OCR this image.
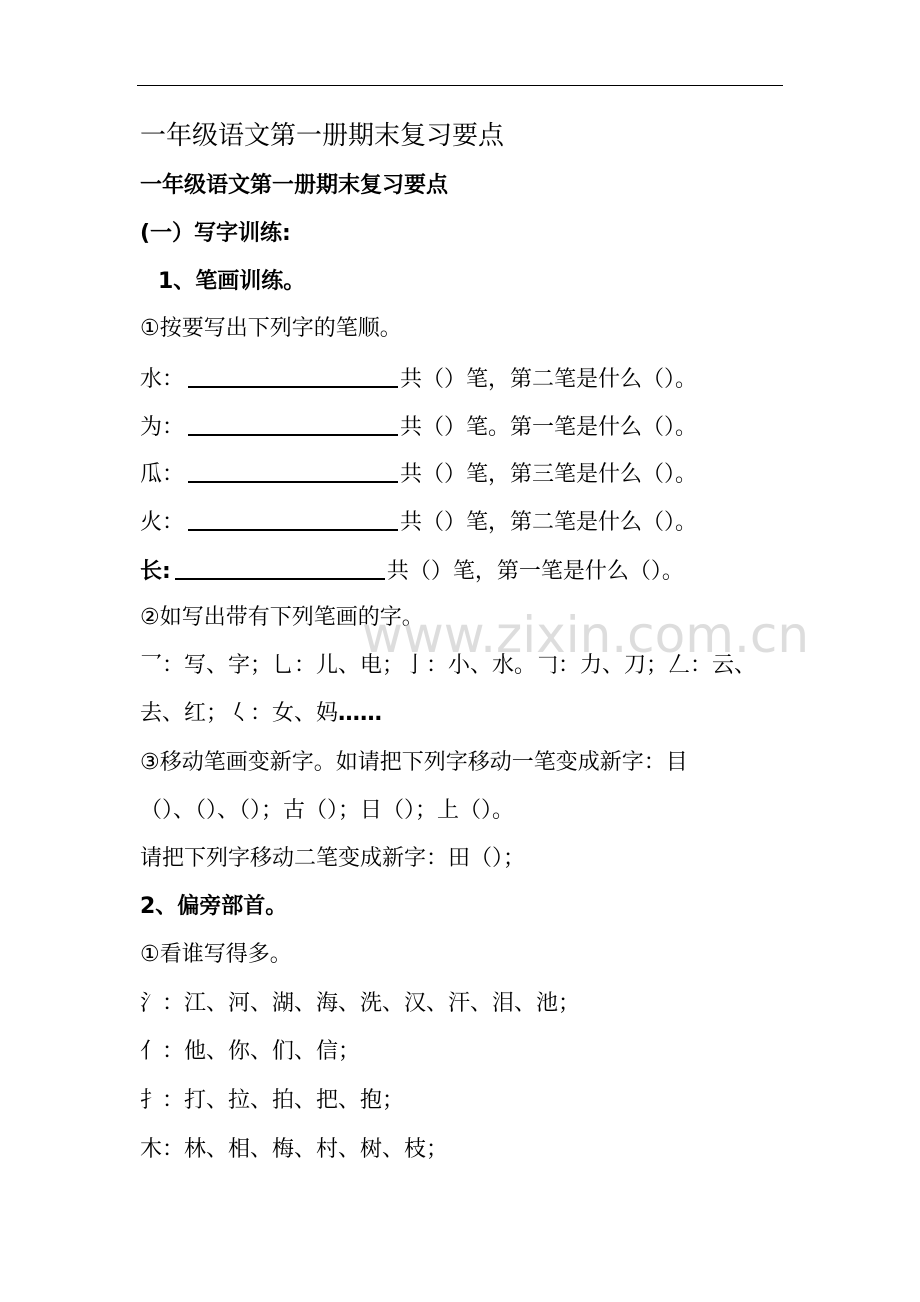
一年级语文第一册期末复习要点
一年级语文第一册期末复习要点
(一）写字训练:
1、笔画训练。
①按要写出下列字的笔顺。
水：	共（）笔，第二笔是什么（）。
为：	共（）笔。第一笔是什么（）。
瓜：	共（）笔，第三笔是什么（）。
火：	共（）笔，第二笔是什么（）。
长:	共（）笔，第一笔是什么（）。
②如写出带有下列笔画的字。
www.zixin.com.cn
乛：写、字；乚：儿、电；亅：小、水。𠃌：力、刀；𠃋：云、
去、红；𡿨：女、妈……
③移动笔画变新字。如请把下列字移动一笔变成新字：目
（）、（）、（）；古（）；日（）；上（）。
请把下列字移动二笔变成新字：田（）；
2、偏旁部首。
①看谁写得多。
氵：江、河、湖、海、洗、汉、汗、泪、池；
亻：他、你、们、信；
扌：打、拉、拍、把、抱；
木：林、相、梅、村、树、枝；
